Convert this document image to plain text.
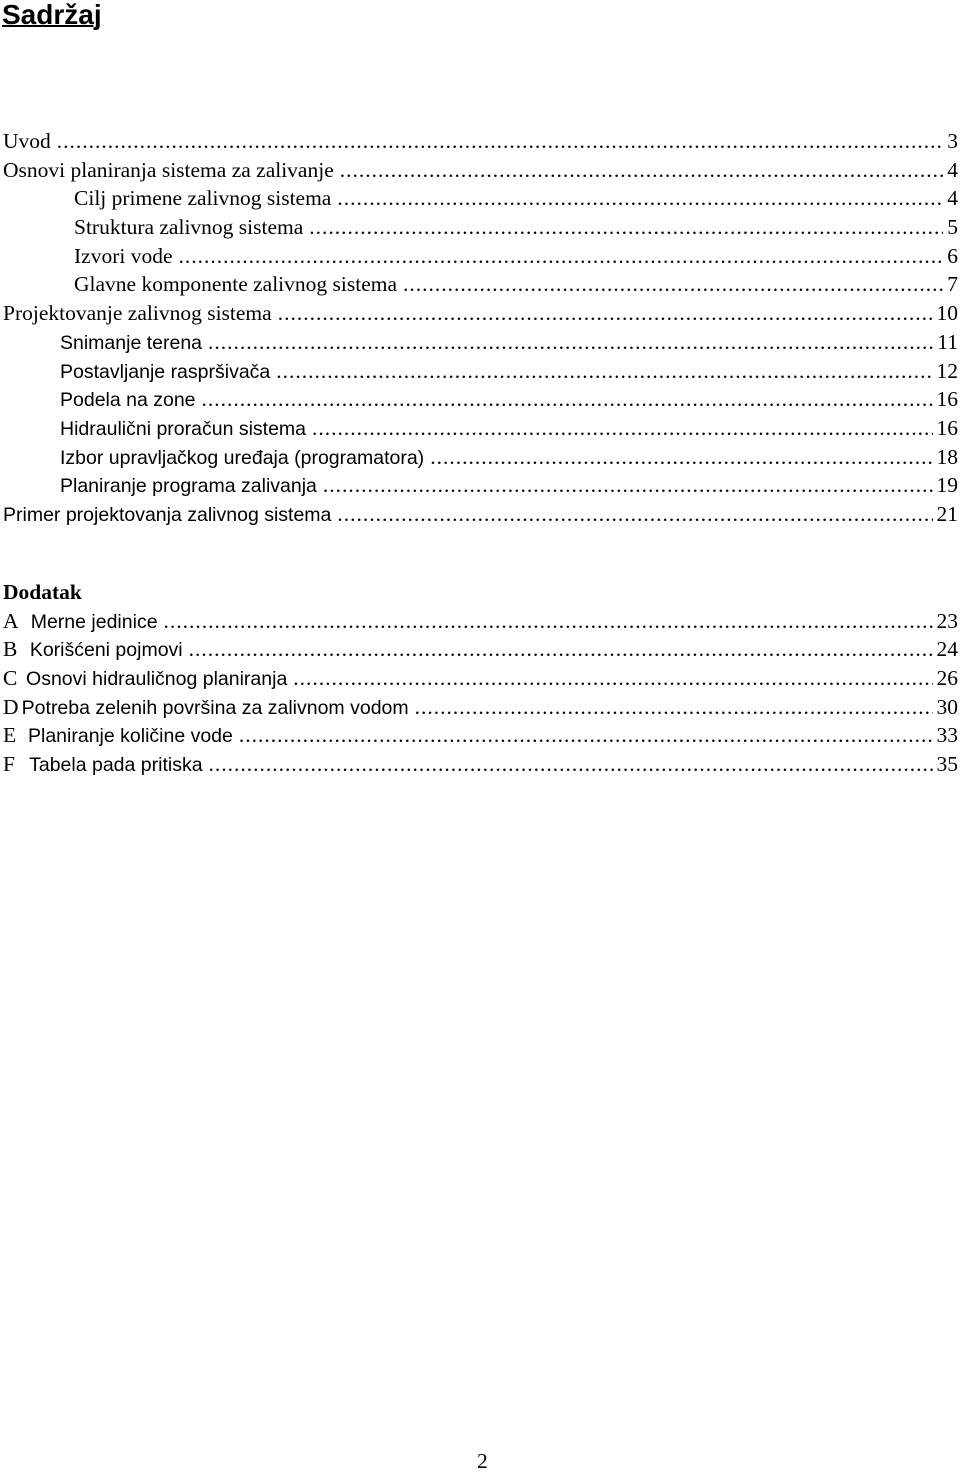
Sadržaj
Uvod .....	3
Osnovi planiranja sistema za zalivanje .....	4
Cilj primene zalivnog sistema .....	4
Struktura zalivnog sistema .....	5
Izvori vode .....	6
Glavne komponente zalivnog sistema .....	7
Projektovanje zalivnog sistema .....	10
Snimanje terena .....	11
Postavljanje raspršivača .....	12
Podela na zone .....	16
Hidraulični proračun sistema .....	16
Izbor upravljačkog uređaja (programatora) .....	18
Planiranje programa zalivanja .....	19
Primer projektovanja zalivnog sistema .....	21
Dodatak
A Merne jedinice .....	23
B Korišćeni pojmovi .....	24
C Osnovi hidrauličnog planiranja .....	26
D Potreba zelenih površina za zalivnom vodom .....	30
E Planiranje količine vode .....	33
F Tabela pada pritiska .....	35
2
